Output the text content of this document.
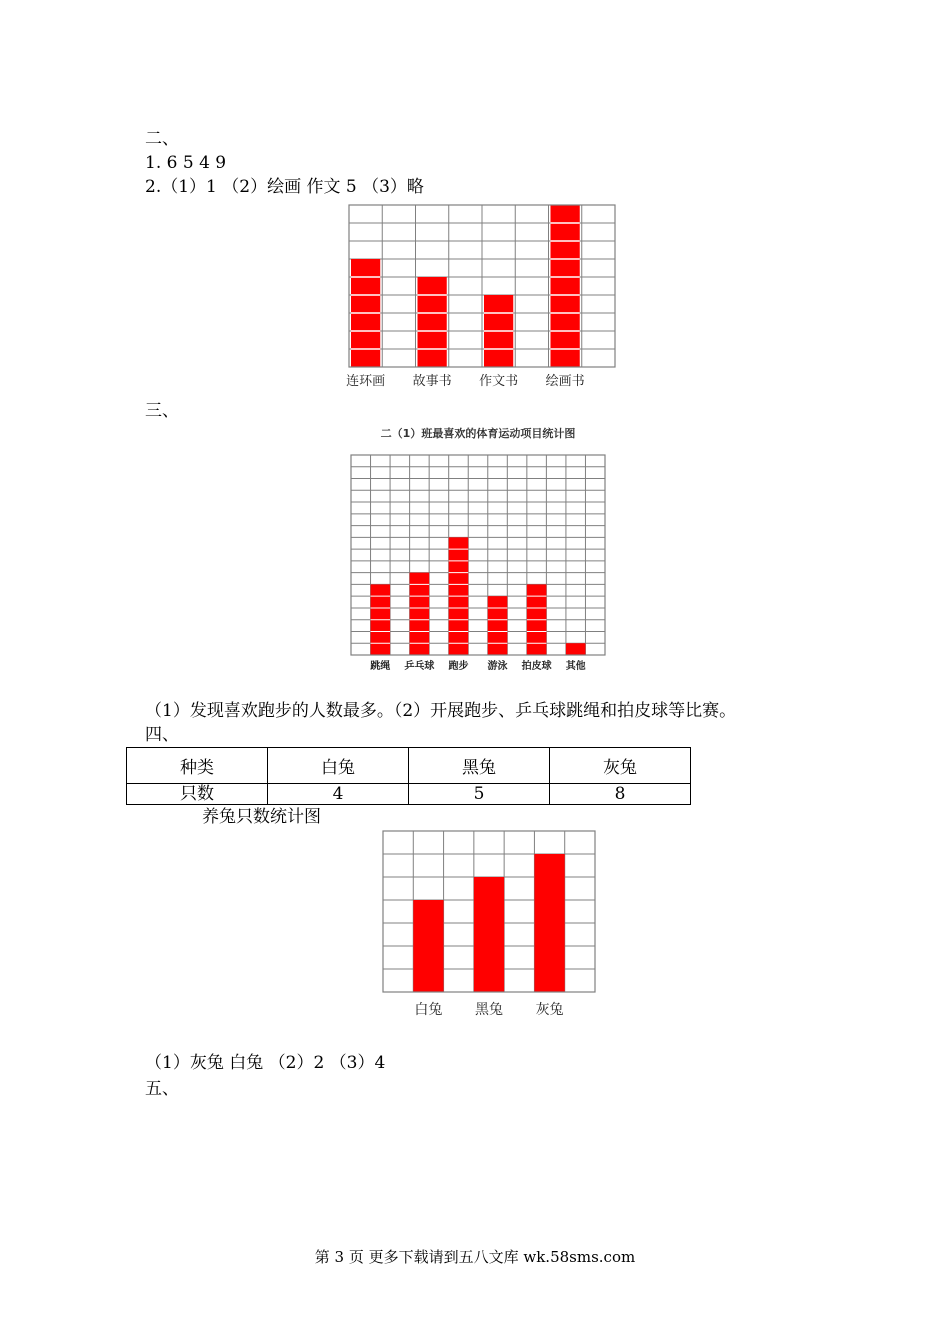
二、
1. 6 5 4 9
2.（1）1 （2）绘画 作文 5 （3）略
连环画 故事书 作文书 绘画书
三、
二（1）班最喜欢的体育运动项目统计图
跳绳 乒乓球 跑步 游泳 拍皮球 其他
（1）发现喜欢跑步的人数最多。（2）开展跑步、乒乓球跳绳和拍皮球等比赛。
四、
种类	白兔	黑兔	灰兔
只数	4	5	8
养兔只数统计图
白兔 黑兔 灰兔
（1）灰兔 白兔 （2）2 （3）4
五、
第 3 页 更多下载请到五八文库 wk.58sms.com
